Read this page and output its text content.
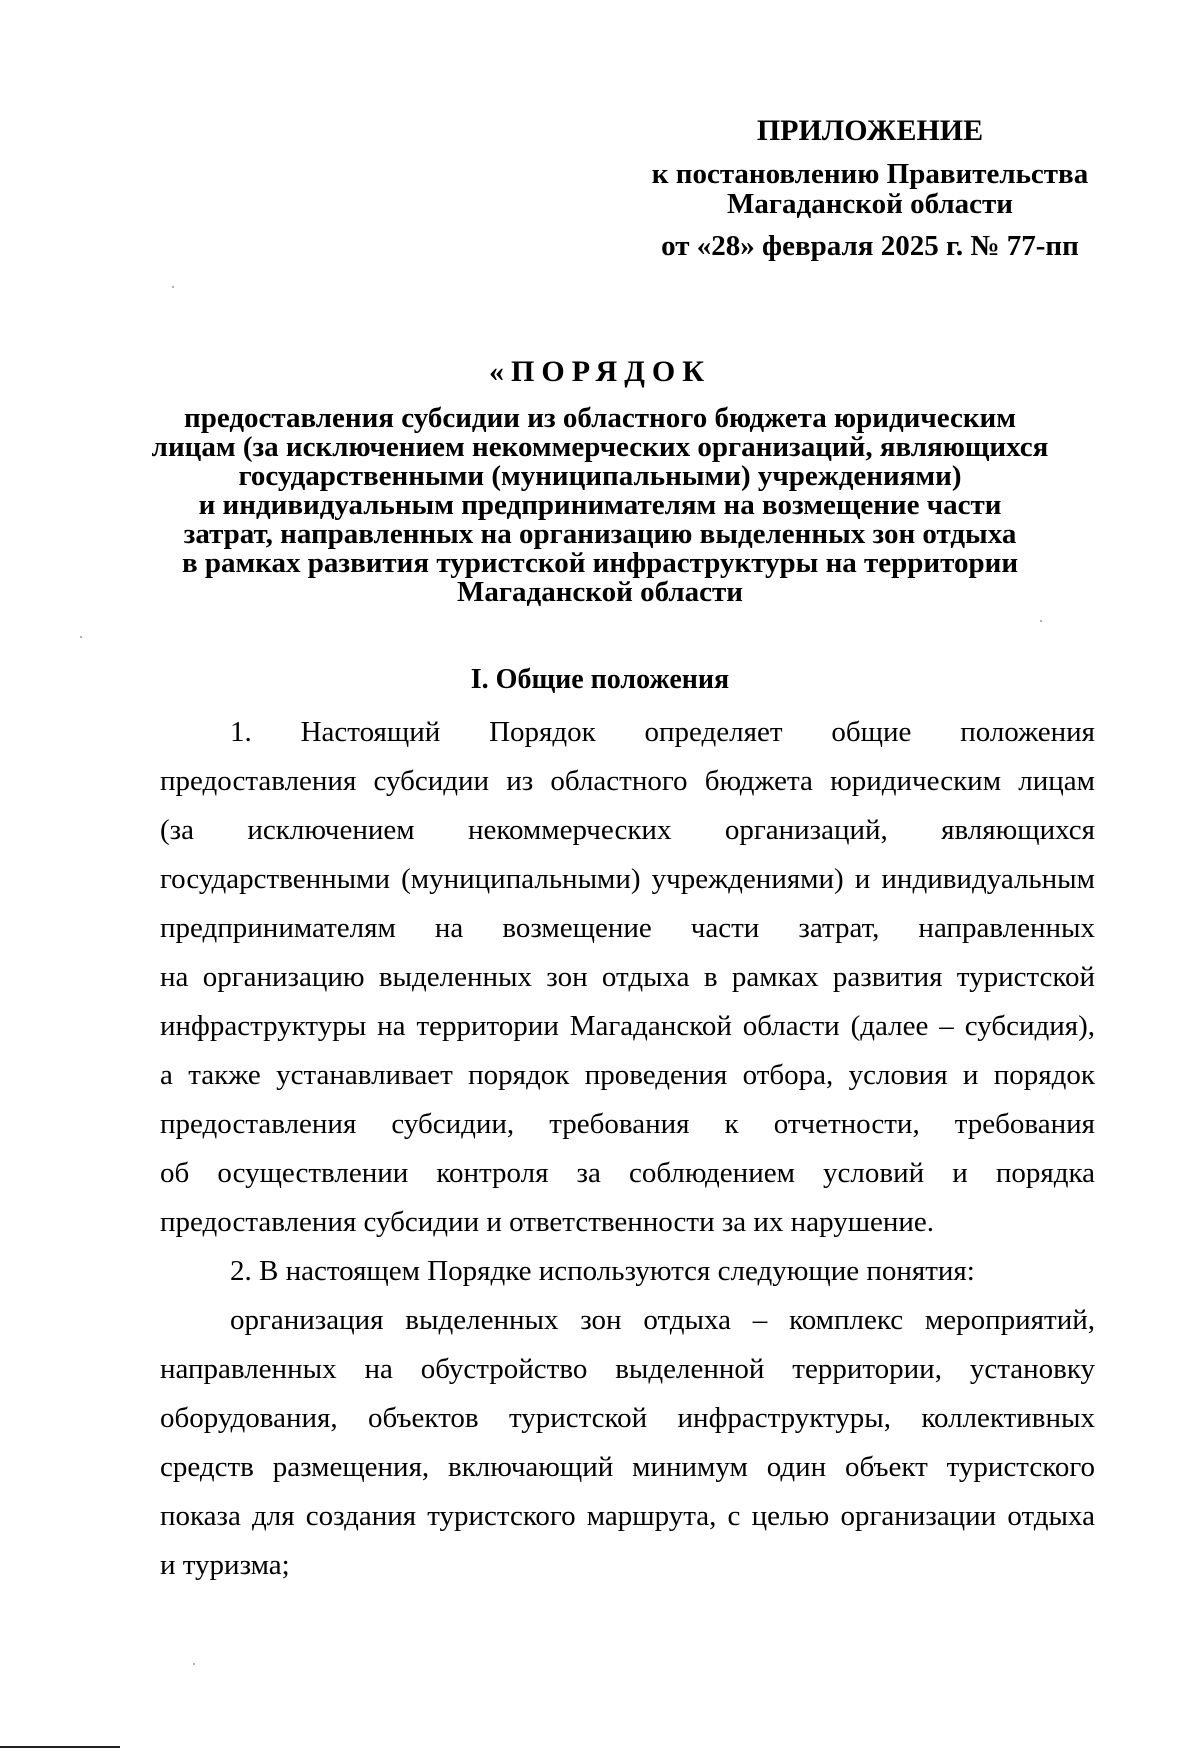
ПРИЛОЖЕНИЕ
к постановлению Правительства
Магаданской области
от «28» февраля 2025 г. № 77-пп
«ПОРЯДОК
предоставления субсидии из областного бюджета юридическим
лицам (за исключением некоммерческих организаций, являющихся
государственными (муниципальными) учреждениями)
и индивидуальным предпринимателям на возмещение части
затрат, направленных на организацию выделенных зон отдыха
в рамках развития туристской инфраструктуры на территории
Магаданской области
I. Общие положения
1. Настоящий Порядок определяет общие положения
предоставления субсидии из областного бюджета юридическим лицам
(за исключением некоммерческих организаций, являющихся
государственными (муниципальными) учреждениями) и индивидуальным
предпринимателям на возмещение части затрат, направленных
на организацию выделенных зон отдыха в рамках развития туристской
инфраструктуры на территории Магаданской области (далее – субсидия),
а также устанавливает порядок проведения отбора, условия и порядок
предоставления субсидии, требования к отчетности, требования
об осуществлении контроля за соблюдением условий и порядка
предоставления субсидии и ответственности за их нарушение.
2. В настоящем Порядке используются следующие понятия:
организация выделенных зон отдыха – комплекс мероприятий,
направленных на обустройство выделенной территории, установку
оборудования, объектов туристской инфраструктуры, коллективных
средств размещения, включающий минимум один объект туристского
показа для создания туристского маршрута, с целью организации отдыха
и туризма;
